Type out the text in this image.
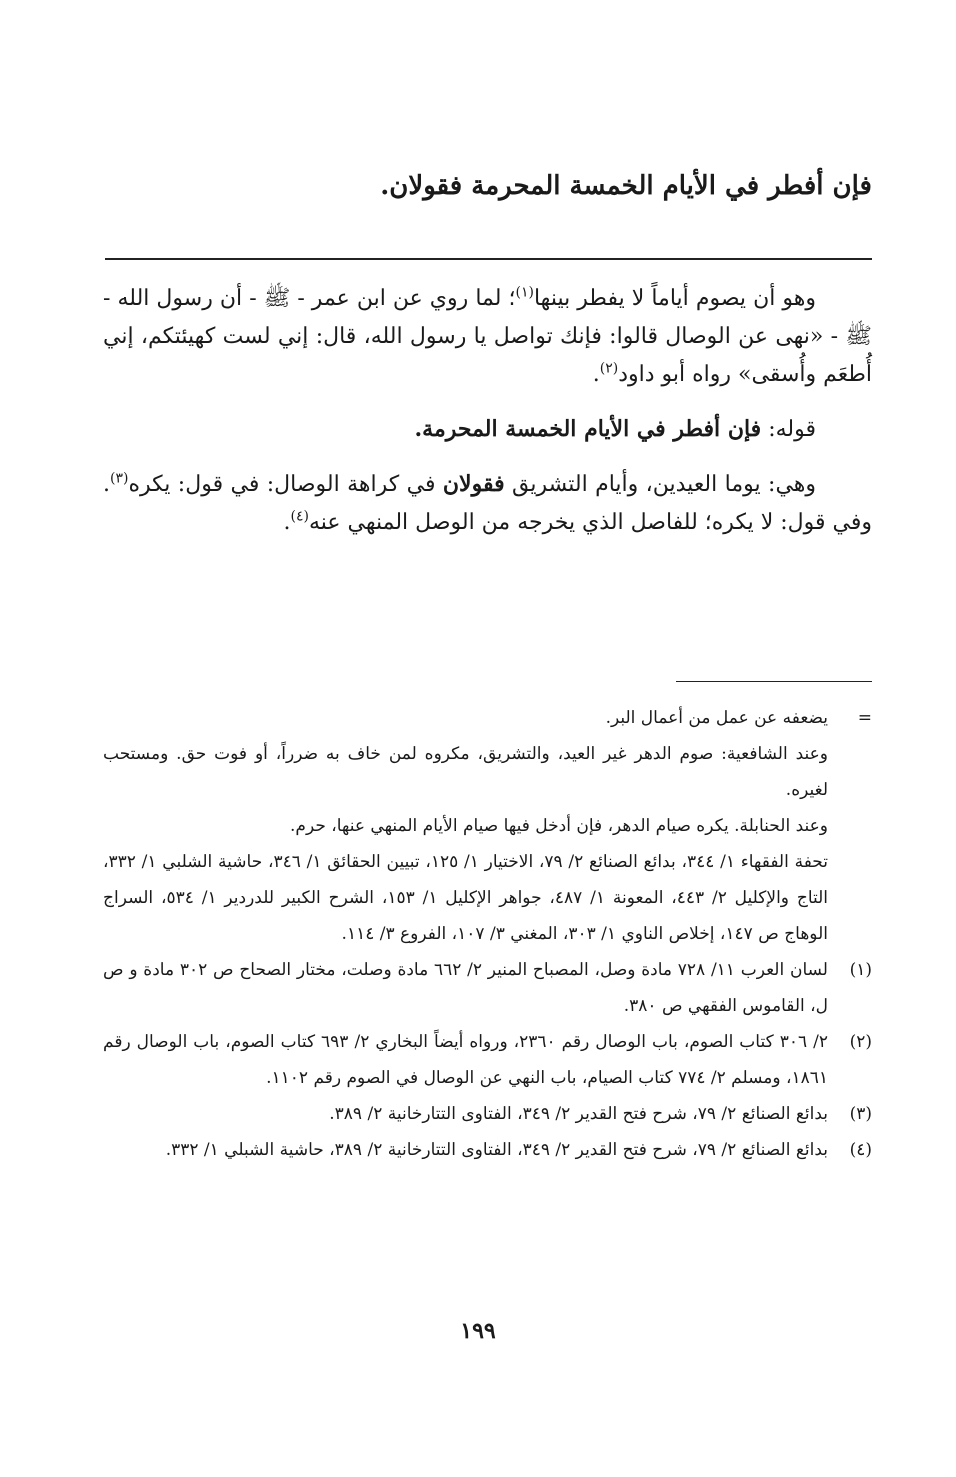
فإن أفطر في الأيام الخمسة المحرمة فقولان.

وهو أن يصوم أياماً لا يفطر بينها$^{(١)}$؛ لما روي عن ابن عمر - ﷺ - أن رسول الله - ﷺ - «نهى عن الوصال قالوا: فإنك تواصل يا رسول الله، قال: إني لست كهيئتكم، إني أُطعَم وأُسقى» رواه أبو داود$^{(٢)}$.

قوله: فإن أفطر في الأيام الخمسة المحرمة.

وهي: يوما العيدين، وأيام التشريق فقولان في كراهة الوصال: في قول: يكره$^{(٣)}$. وفي قول: لا يكره؛ للفاصل الذي يخرجه من الوصل المنهي عنه$^{(٤)}$.

=

يضعفه عن عمل من أعمال البر.

وعند الشافعية: صوم الدهر غير العيد، والتشريق، مكروه لمن خاف به ضرراً، أو فوت حق. ومستحب لغيره.

وعند الحنابلة. يكره صيام الدهر، فإن أدخل فيها صيام الأيام المنهي عنها، حرم.

تحفة الفقهاء ١/ ٣٤٤، بدائع الصنائع ٢/ ٧٩، الاختيار ١/ ١٢٥، تبيين الحقائق ١/ ٣٤٦، حاشية الشلبي ١/ ٣٣٢، التاج والإكليل ٢/ ٤٤٣، المعونة ١/ ٤٨٧، جواهر الإكليل ١/ ١٥٣، الشرح الكبير للدردير ١/ ٥٣٤، السراج الوهاج ص ١٤٧، إخلاص الناوي ١/ ٣٠٣، المغني ٣/ ١٠٧، الفروع ٣/ ١١٤.

(١)

لسان العرب ١١/ ٧٢٨ مادة وصل، المصباح المنير ٢/ ٦٦٢ مادة وصلت، مختار الصحاح ص ٣٠٢ مادة و ص ل، القاموس الفقهي ص ٣٨٠.

(٢)

٢/ ٣٠٦ كتاب الصوم، باب الوصال رقم ٢٣٦٠، ورواه أيضاً البخاري ٢/ ٦٩٣ كتاب الصوم، باب الوصال رقم ١٨٦١، ومسلم ٢/ ٧٧٤ كتاب الصيام، باب النهي عن الوصال في الصوم رقم ١١٠٢.

(٣)

بدائع الصنائع ٢/ ٧٩، شرح فتح القدير ٢/ ٣٤٩، الفتاوى التتارخانية ٢/ ٣٨٩.

(٤)

بدائع الصنائع ٢/ ٧٩، شرح فتح القدير ٢/ ٣٤٩، الفتاوى التتارخانية ٢/ ٣٨٩، حاشية الشبلي ١/ ٣٣٢.

١٩٩
